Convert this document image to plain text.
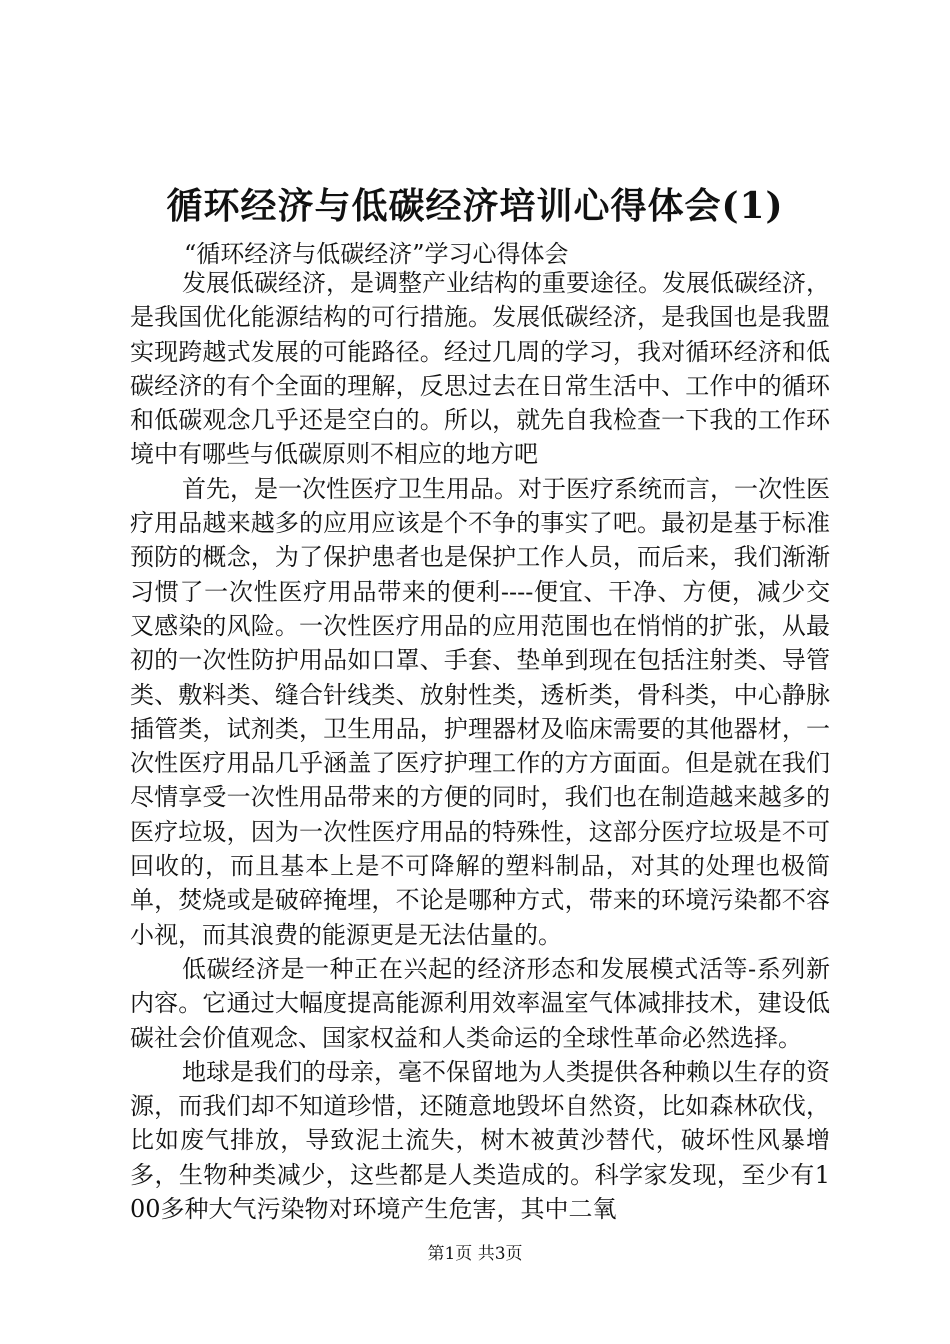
循环经济与低碳经济培训心得体会(1)
“循环经济与低碳经济”学习心得体会

发展低碳经济，是调整产业结构的重要途径。发展低碳经济，是我国优化能源结构的可行措施。发展低碳经济，是我国也是我盟实现跨越式发展的可能路径。经过几周的学习，我对循环经济和低碳经济的有个全面的理解，反思过去在日常生活中、工作中的循环和低碳观念几乎还是空白的。所以，就先自我检查一下我的工作环境中有哪些与低碳原则不相应的地方吧

首先，是一次性医疗卫生用品。对于医疗系统而言，一次性医疗用品越来越多的应用应该是个不争的事实了吧。最初是基于标准预防的概念，为了保护患者也是保护工作人员，而后来，我们渐渐习惯了一次性医疗用品带来的便利----便宜、干净、方便，减少交叉感染的风险。一次性医疗用品的应用范围也在悄悄的扩张，从最初的一次性防护用品如口罩、手套、垫单到现在包括注射类、导管类、敷料类、缝合针线类、放射性类，透析类，骨科类，中心静脉插管类，试剂类，卫生用品，护理器材及临床需要的其他器材，一次性医疗用品几乎涵盖了医疗护理工作的方方面面。但是就在我们尽情享受一次性用品带来的方便的同时，我们也在制造越来越多的医疗垃圾，因为一次性医疗用品的特殊性，这部分医疗垃圾是不可回收的，而且基本上是不可降解的塑料制品，对其的处理也极简单，焚烧或是破碎掩埋，不论是哪种方式，带来的环境污染都不容小视，而其浪费的能源更是无法估量的。

低碳经济是一种正在兴起的经济形态和发展模式活等-系列新内容。它通过大幅度提高能源利用效率温室气体减排技术，建设低碳社会价值观念、国家权益和人类命运的全球性革命必然选择。

地球是我们的母亲，毫不保留地为人类提供各种赖以生存的资源，而我们却不知道珍惜，还随意地毁坏自然资，比如森林砍伐，比如废气排放，导致泥土流失，树木被黄沙替代，破坏性风暴增多，生物种类减少，这些都是人类造成的。科学家发现，至少有100多种大气污染物对环境产生危害，其中二氧

第1页 共3页
